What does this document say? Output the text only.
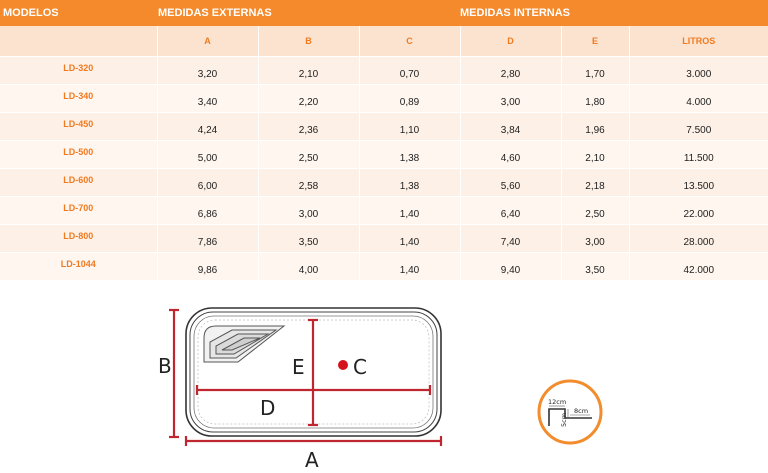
MODELOS	MEDIDAS EXTERNAS			MEDIDAS INTERNAS		
	A	B	C	D	E	LITROS
LD-320	3,20	2,10	0,70	2,80	1,70	3.000
LD-340	3,40	2,20	0,89	3,00	1,80	4.000
LD-450	4,24	2,36	1,10	3,84	1,96	7.500
LD-500	5,00	2,50	1,38	4,60	2,10	11.500
LD-600	6,00	2,58	1,38	5,60	2,18	13.500
LD-700	6,86	3,00	1,40	6,40	2,50	22.000
LD-800	7,86	3,50	1,40	7,40	3,00	28.000
LD-1044	9,86	4,00	1,40	9,40	3,50	42.000
B
A
D
E C
12cm
8cm
5cm
